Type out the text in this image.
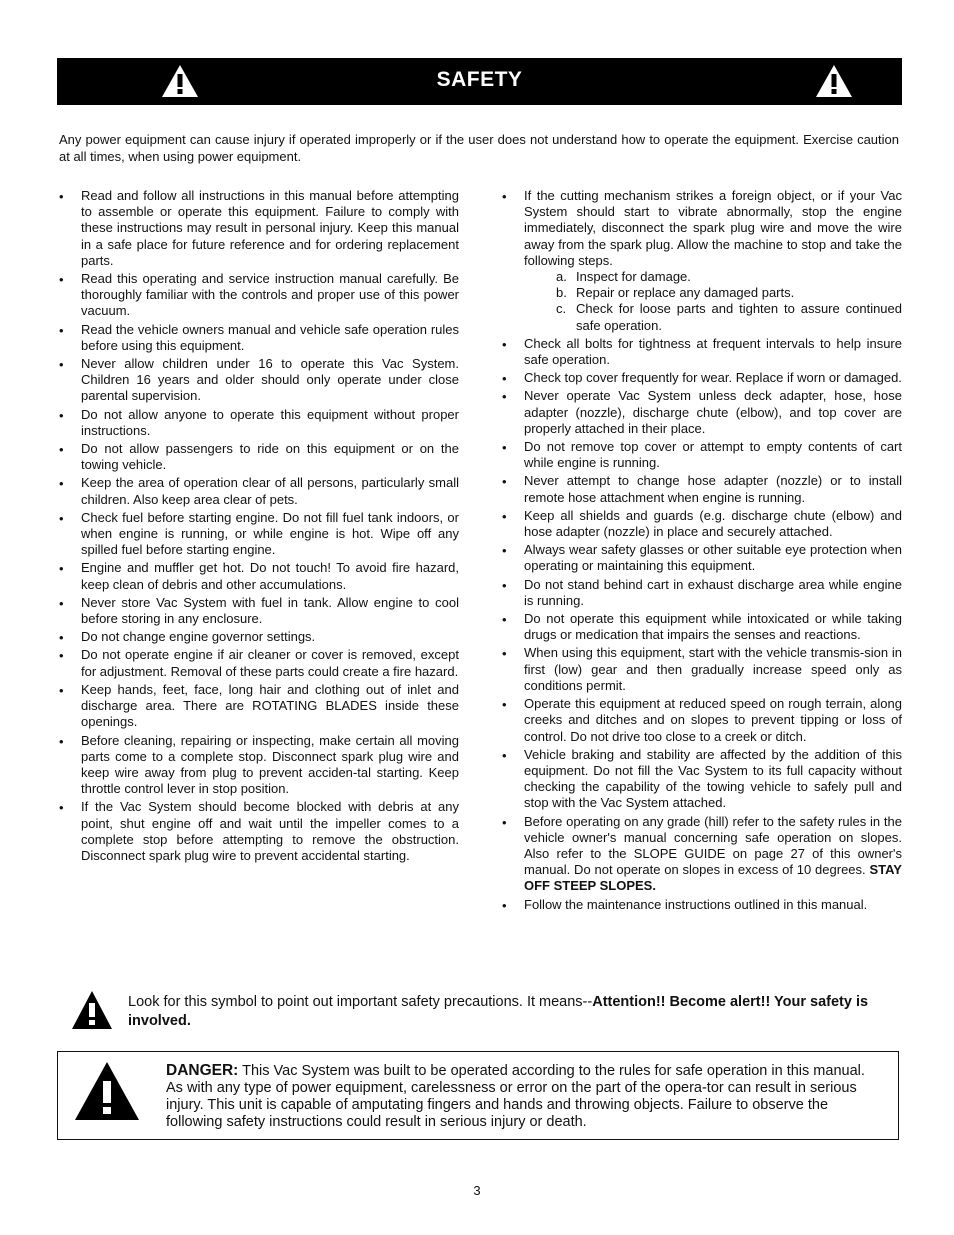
SAFETY

Any power equipment can cause injury if operated improperly or if the user does not understand how to operate the equipment. Exercise caution at all times, when using power equipment.

• Read and follow all instructions in this manual before attempting to assemble or operate this equipment. Failure to comply with these instructions may result in personal injury. Keep this manual in a safe place for future reference and for ordering replacement parts.
• Read this operating and service instruction manual carefully. Be thoroughly familiar with the controls and proper use of this power vacuum.
• Read the vehicle owners manual and vehicle safe operation rules before using this equipment.
• Never allow children under 16 to operate this Vac System. Children 16 years and older should only operate under close parental supervision.
• Do not allow anyone to operate this equipment without proper instructions.
• Do not allow passengers to ride on this equipment or on the towing vehicle.
• Keep the area of operation clear of all persons, particularly small children. Also keep area clear of pets.
• Check fuel before starting engine. Do not fill fuel tank indoors, or when engine is running, or while engine is hot. Wipe off any spilled fuel before starting engine.
• Engine and muffler get hot. Do not touch! To avoid fire hazard, keep clean of debris and other accumulations.
• Never store Vac System with fuel in tank. Allow engine to cool before storing in any enclosure.
• Do not change engine governor settings.
• Do not operate engine if air cleaner or cover is removed, except for adjustment. Removal of these parts could create a fire hazard.
• Keep hands, feet, face, long hair and clothing out of inlet and discharge area. There are ROTATING BLADES inside these openings.
• Before cleaning, repairing or inspecting, make certain all moving parts come to a complete stop. Disconnect spark plug wire and keep wire away from plug to prevent acciden-tal starting. Keep throttle control lever in stop position.
• If the Vac System should become blocked with debris at any point, shut engine off and wait until the impeller comes to a complete stop before attempting to remove the obstruction. Disconnect spark plug wire to prevent accidental starting.
• If the cutting mechanism strikes a foreign object, or if your Vac System should start to vibrate abnormally, stop the engine immediately, disconnect the spark plug wire and move the wire away from the spark plug. Allow the machine to stop and take the following steps.
a. Inspect for damage.
b. Repair or replace any damaged parts.
c. Check for loose parts and tighten to assure continued safe operation.
• Check all bolts for tightness at frequent intervals to help insure safe operation.
• Check top cover frequently for wear. Replace if worn or damaged.
• Never operate Vac System unless deck adapter, hose, hose adapter (nozzle), discharge chute (elbow), and top cover are properly attached in their place.
• Do not remove top cover or attempt to empty contents of cart while engine is running.
• Never attempt to change hose adapter (nozzle) or to install remote hose attachment when engine is running.
• Keep all shields and guards (e.g. discharge chute (elbow) and hose adapter (nozzle) in place and securely attached.
• Always wear safety glasses or other suitable eye protection when operating or maintaining this equipment.
• Do not stand behind cart in exhaust discharge area while engine is running.
• Do not operate this equipment while intoxicated or while taking drugs or medication that impairs the senses and reactions.
• When using this equipment, start with the vehicle transmis-sion in first (low) gear and then gradually increase speed only as conditions permit.
• Operate this equipment at reduced speed on rough terrain, along creeks and ditches and on slopes to prevent tipping or loss of control. Do not drive too close to a creek or ditch.
• Vehicle braking and stability are affected by the addition of this equipment. Do not fill the Vac System to its full capacity without checking the capability of the towing vehicle to safely pull and stop with the Vac System attached.
• Before operating on any grade (hill) refer to the safety rules in the vehicle owner's manual concerning safe operation on slopes. Also refer to the SLOPE GUIDE on page 27 of this owner's manual. Do not operate on slopes in excess of 10 degrees. STAY OFF STEEP SLOPES.
• Follow the maintenance instructions outlined in this manual.
Look for this symbol to point out important safety precautions. It means--Attention!! Become alert!! Your safety is involved.
DANGER: This Vac System was built to be operated according to the rules for safe operation in this manual. As with any type of power equipment, carelessness or error on the part of the opera-tor can result in serious injury. This unit is capable of amputating fingers and hands and throwing objects. Failure to observe the following safety instructions could result in serious injury or death.
3
